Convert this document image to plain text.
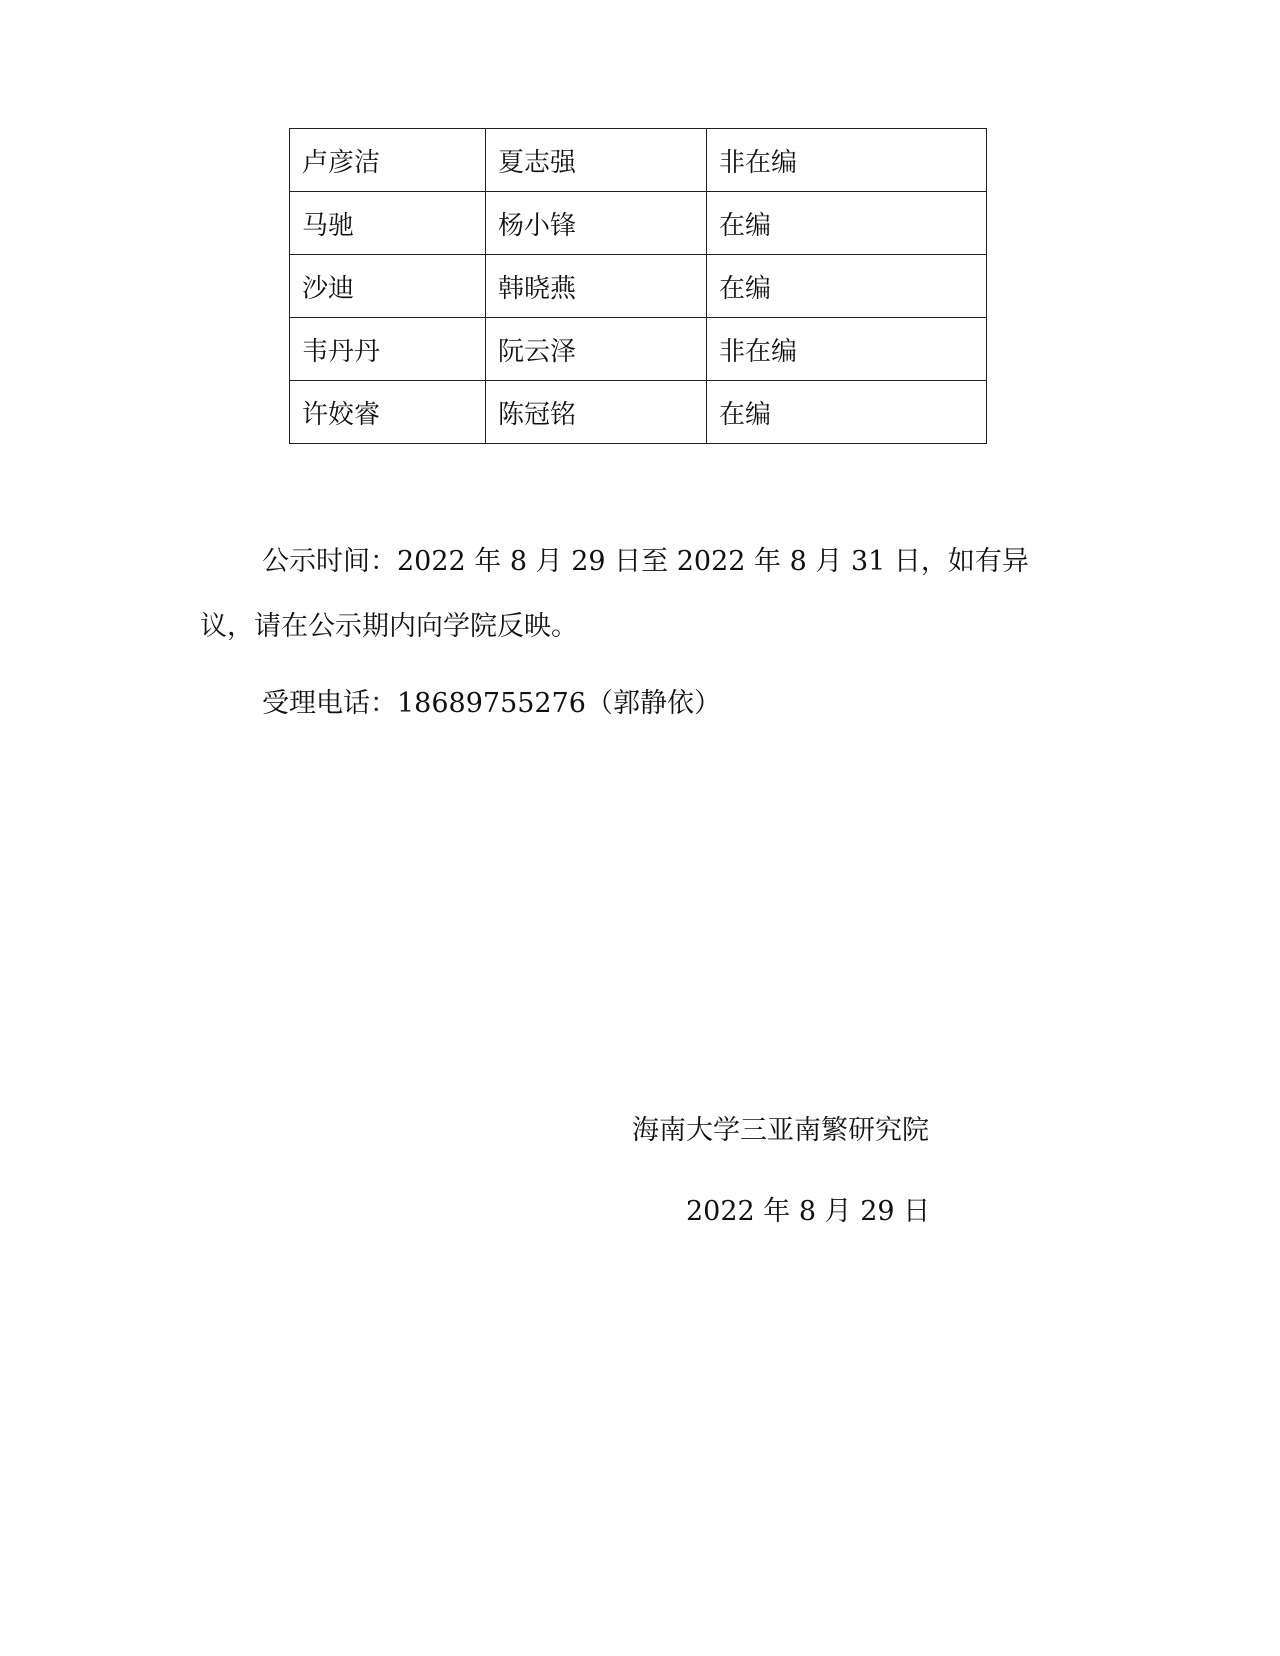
卢彦洁	夏志强	非在编
马驰	杨小锋	在编
沙迪	韩晓燕	在编
韦丹丹	阮云泽	非在编
许姣睿	陈冠铭	在编
公示时间：2022 年 8 月 29 日至 2022 年 8 月 31 日，如有异
议，请在公示期内向学院反映。
受理电话：18689755276（郭静依）
海南大学三亚南繁研究院
2022 年 8 月 29 日
